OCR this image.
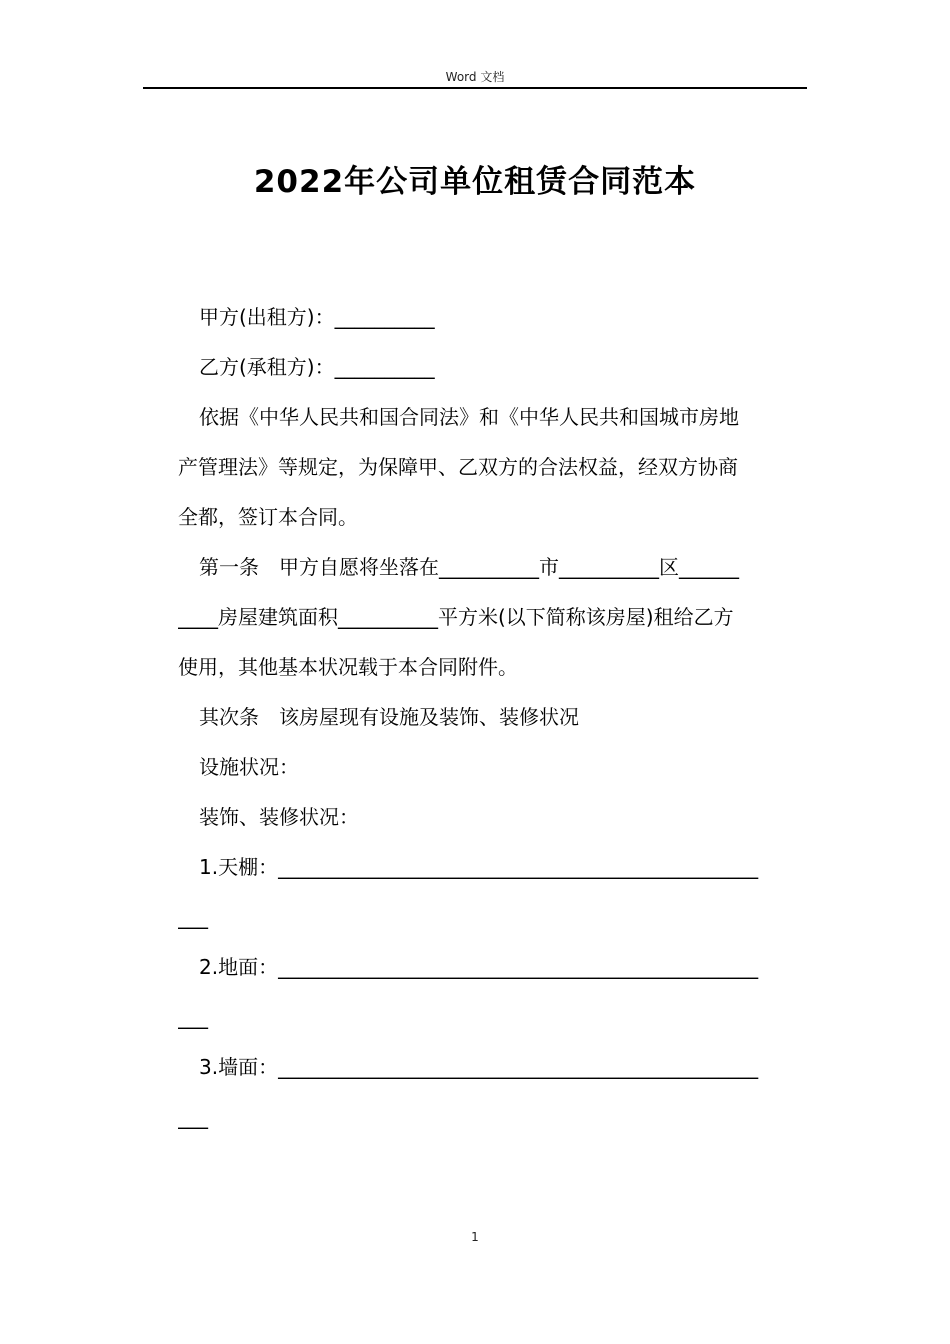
Word 文档
2022年公司单位租赁合同范本

甲方(出租方)：__________

乙方(承租方)：__________

依据《中华人民共和国合同法》和《中华人民共和国城市房地

产管理法》等规定，为保障甲、乙双方的合法权益，经双方协商

全都，签订本合同。

第一条　甲方自愿将坐落在__________市__________区______

____房屋建筑面积__________平方米(以下简称该房屋)租给乙方

使用，其他基本状况载于本合同附件。

其次条　该房屋现有设施及装饰、装修状况

设施状况：

装饰、装修状况：

1.天棚：________________________________________________

___

2.地面：________________________________________________

___

3.墙面：________________________________________________

___

1
